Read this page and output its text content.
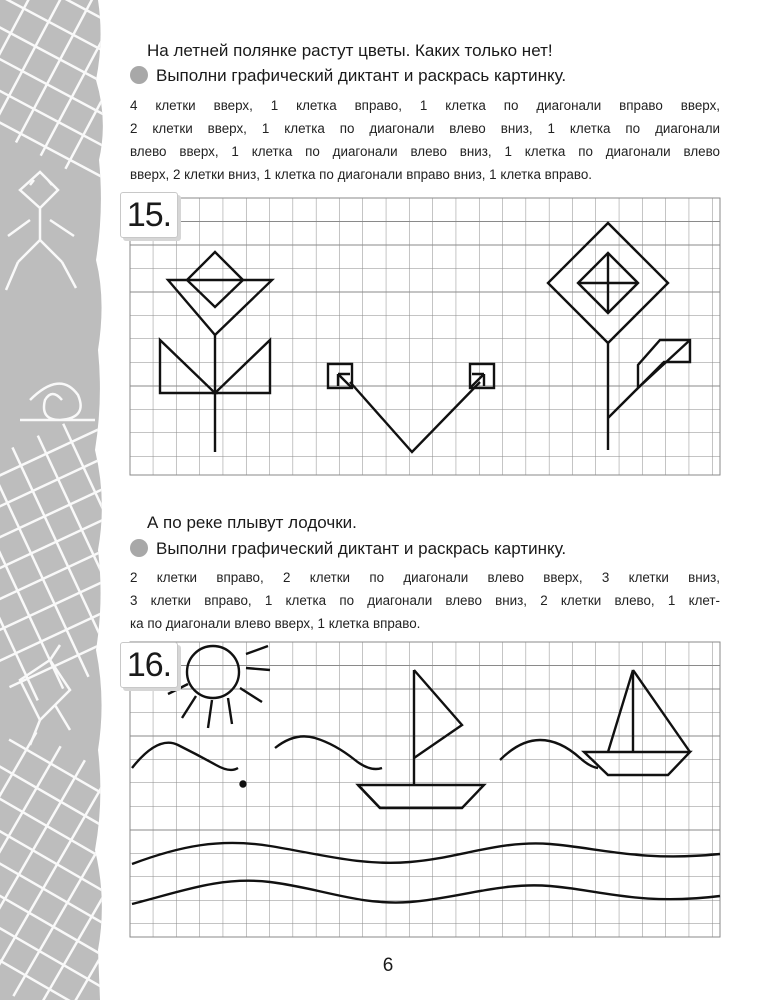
На летней полянке растут цветы. Каких только нет!
Выполни графический диктант и раскрась картинку.
4 клетки вверх, 1 клетка вправо, 1 клетка по диагонали вправо вверх,
2 клетки вверх, 1 клетка по диагонали влево вниз, 1 клетка по диагонали
влево вверх, 1 клетка по диагонали влево вниз, 1 клетка по диагонали влево
вверх, 2 клетки вниз, 1 клетка по диагонали вправо вниз, 1 клетка вправо.
15.
А по реке плывут лодочки.
Выполни графический диктант и раскрась картинку.
2 клетки вправо, 2 клетки по диагонали влево вверх, 3 клетки вниз,
3 клетки вправо, 1 клетка по диагонали влево вниз, 2 клетки влево, 1 клет-
ка по диагонали влево вверх, 1 клетка вправо.
16.
6
